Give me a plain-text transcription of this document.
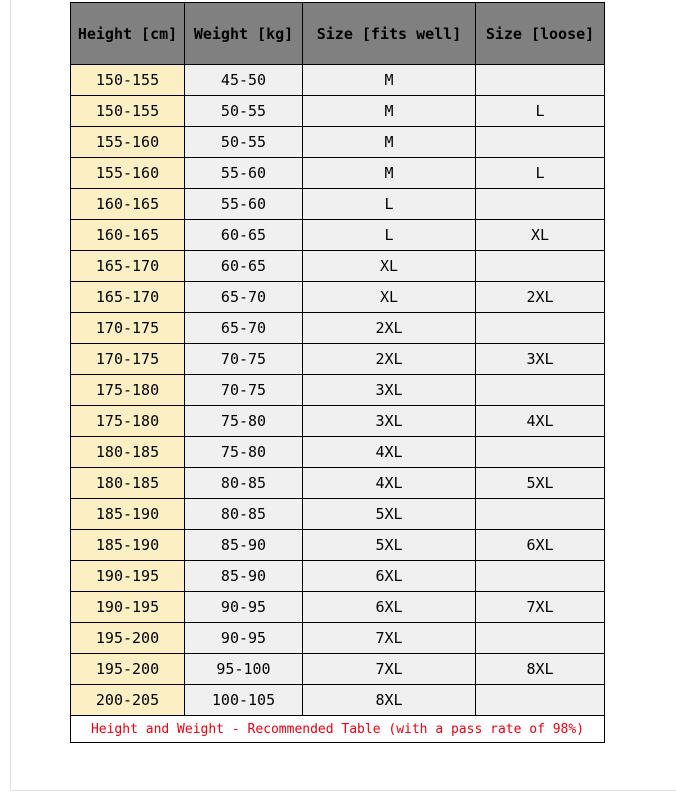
Height [cm]	Weight [kg]	Size [fits well]	Size [loose]
150-155	45-50	M	
150-155	50-55	M	L
155-160	50-55	M	
155-160	55-60	M	L
160-165	55-60	L	
160-165	60-65	L	XL
165-170	60-65	XL	
165-170	65-70	XL	2XL
170-175	65-70	2XL	
170-175	70-75	2XL	3XL
175-180	70-75	3XL	
175-180	75-80	3XL	4XL
180-185	75-80	4XL	
180-185	80-85	4XL	5XL
185-190	80-85	5XL	
185-190	85-90	5XL	6XL
190-195	85-90	6XL	
190-195	90-95	6XL	7XL
195-200	90-95	7XL	
195-200	95-100	7XL	8XL
200-205	100-105	8XL	
Height and Weight - Recommended Table (with a pass rate of 98%)			
